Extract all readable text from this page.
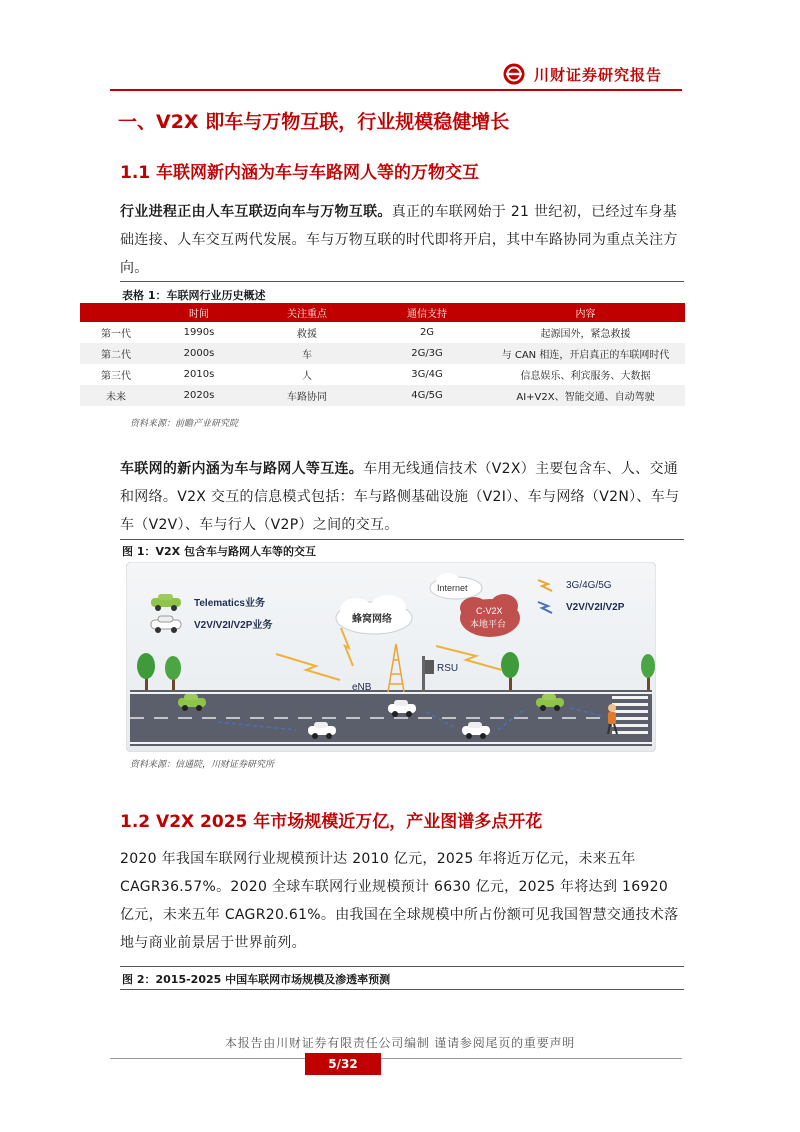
川财证券研究报告
一、V2X 即车与万物互联，行业规模稳健增长
1.1 车联网新内涵为车与车路网人等的万物交互
行业进程正由人车互联迈向车与万物互联。真正的车联网始于 21 世纪初，已经过车身基础连接、人车交互两代发展。车与万物互联的时代即将开启，其中车路协同为重点关注方向。
表格 1：车联网行业历史概述
	时间	关注重点	通信支持	内容
第一代	1990s	救援	2G	起源国外，紧急救援
第二代	2000s	车	2G/3G	与 CAN 相连，开启真正的车联网时代
第三代	2010s	人	3G/4G	信息娱乐、利宾服务、大数据
未来	2020s	车路协同	4G/5G	AI+V2X、智能交通、自动驾驶
资料来源：前瞻产业研究院
车联网的新内涵为车与路网人等互连。车用无线通信技术（V2X）主要包含车、人、交通和网络。V2X 交互的信息模式包括：车与路侧基础设施（V2I）、车与网络（V2N）、车与车（V2V）、车与行人（V2P）之间的交互。
图 1：V2X 包含车与路网人车等的交互
Telematics业务
V2V/V2I/V2P业务
蜂窝网络
Internet
C-V2X
本地平台
3G/4G/5G
V2V/V2I/V2P
eNB
RSU
资料来源：信通院，川财证券研究所
1.2 V2X 2025 年市场规模近万亿，产业图谱多点开花
2020 年我国车联网行业规模预计达 2010 亿元，2025 年将近万亿元，未来五年CAGR36.57%。2020 全球车联网行业规模预计 6630 亿元，2025 年将达到 16920 亿元，未来五年 CAGR20.61%。由我国在全球规模中所占份额可见我国智慧交通技术落地与商业前景居于世界前列。
图 2：2015-2025 中国车联网市场规模及渗透率预测
本报告由川财证券有限责任公司编制 谨请参阅尾页的重要声明
5/32
